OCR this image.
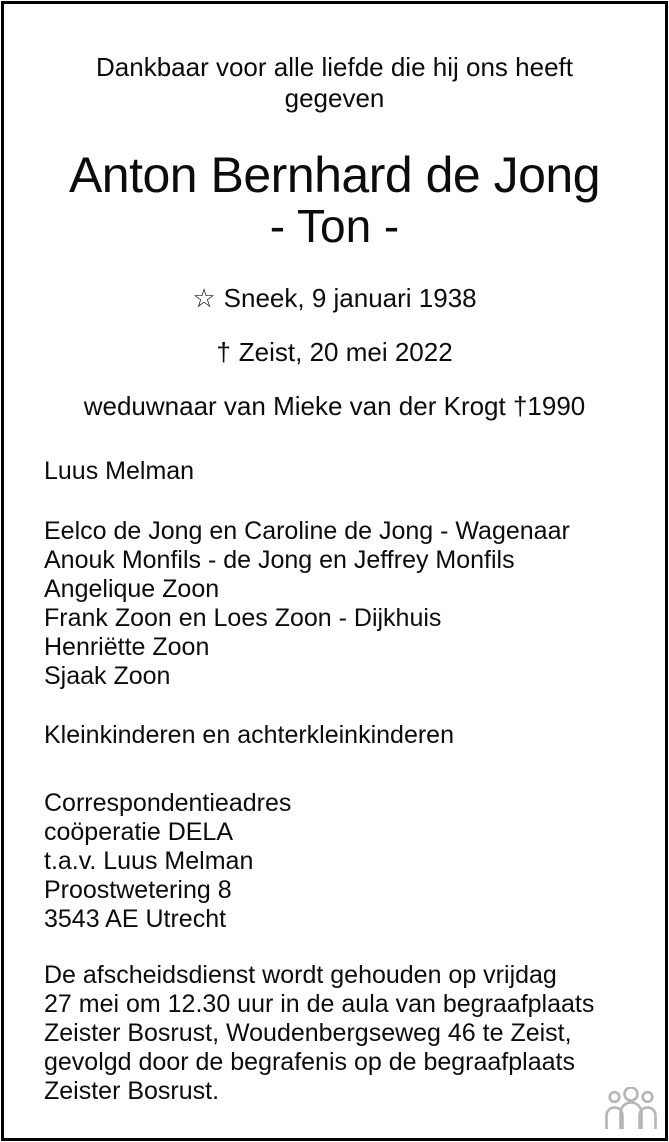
Dankbaar voor alle liefde die hij ons heeft gegeven
Anton Bernhard de Jong
- Ton -
☆ Sneek, 9 januari 1938
† Zeist, 20 mei 2022
weduwnaar van Mieke van der Krogt †1990
Luus Melman
Eelco de Jong en Caroline de Jong - Wagenaar
Anouk Monfils - de Jong en Jeffrey Monfils
Angelique Zoon
Frank Zoon en Loes Zoon - Dijkhuis
Henriëtte Zoon
Sjaak Zoon
Kleinkinderen en achterkleinkinderen
Correspondentieadres
coöperatie DELA
t.a.v. Luus Melman
Proostwetering 8
3543 AE Utrecht
De afscheidsdienst wordt gehouden op vrijdag
27 mei om 12.30 uur in de aula van begraafplaats
Zeister Bosrust, Woudenbergseweg 46 te Zeist,
gevolgd door de begrafenis op de begraafplaats
Zeister Bosrust.
